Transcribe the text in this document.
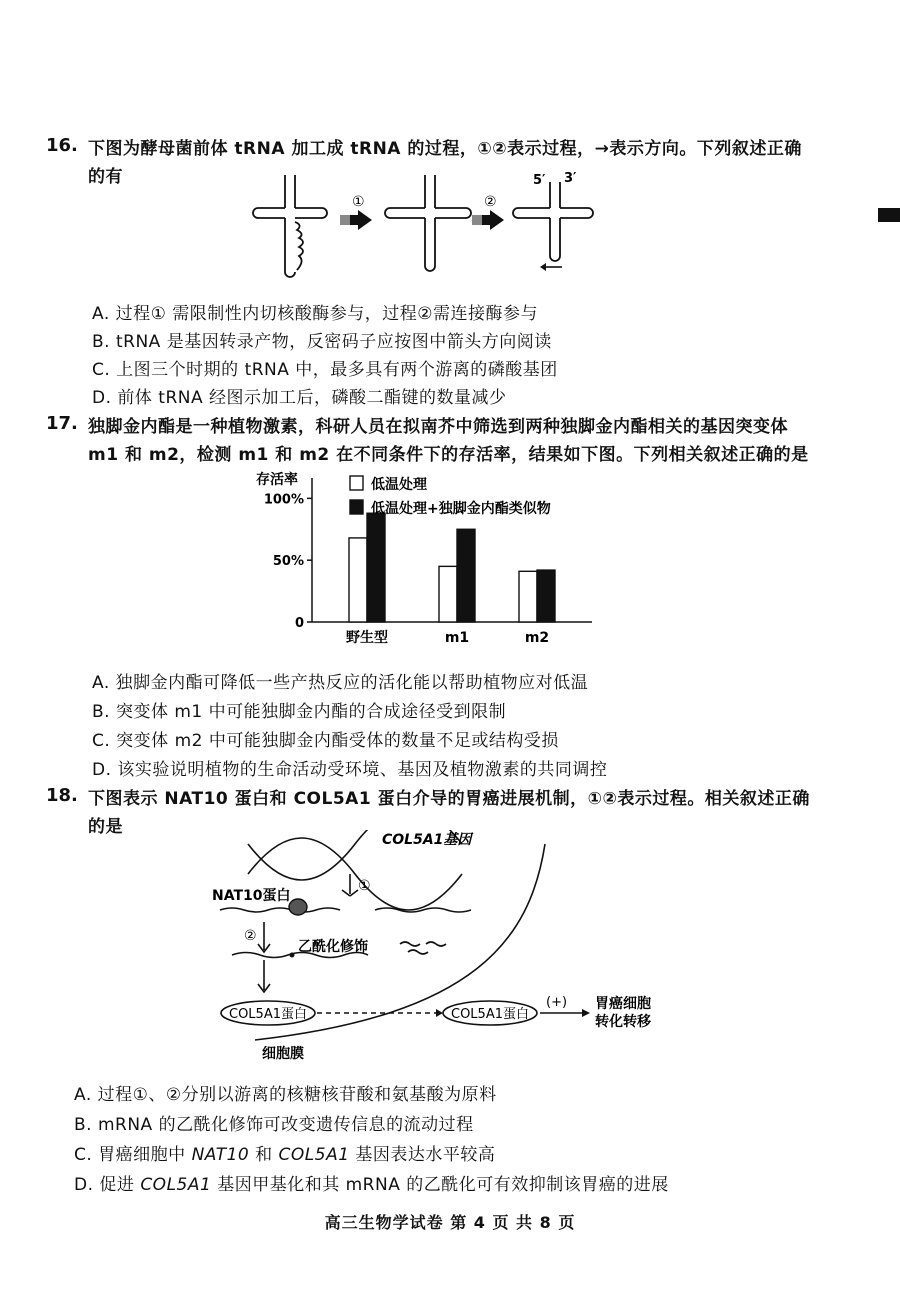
16. 下图为酵母菌前体 tRNA 加工成 tRNA 的过程，①②表示过程，→表示方向。下列叙述正确
的有
①	②
5′ 3′
A. 过程① 需限制性内切核酸酶参与，过程②需连接酶参与
B. tRNA 是基因转录产物，反密码子应按图中箭头方向阅读
C. 上图三个时期的 tRNA 中，最多具有两个游离的磷酸基团
D. 前体 tRNA 经图示加工后，磷酸二酯键的数量减少
17. 独脚金内酯是一种植物激素，科研人员在拟南芥中筛选到两种独脚金内酯相关的基因突变体
m1 和 m2，检测 m1 和 m2 在不同条件下的存活率，结果如下图。下列相关叙述正确的是
存活率
100%
50%
0
野生型	m1	m2
低温处理
低温处理+独脚金内酯类似物
A. 独脚金内酯可降低一些产热反应的活化能以帮助植物应对低温
B. 突变体 m1 中可能独脚金内酯的合成途径受到限制
C. 突变体 m2 中可能独脚金内酯受体的数量不足或结构受损
D. 该实验说明植物的生命活动受环境、基因及植物激素的共同调控
18. 下图表示 NAT10 蛋白和 COL5A1 蛋白介导的胃癌进展机制，①②表示过程。相关叙述正确
的是
COL5A1基因
NAT10蛋白
①
②
乙酰化修饰
COL5A1蛋白	COL5A1蛋白
(+) 胃癌细胞
转化转移
细胞膜
A. 过程①、②分别以游离的核糖核苷酸和氨基酸为原料
B. mRNA 的乙酰化修饰可改变遗传信息的流动过程
C. 胃癌细胞中 NAT10 和 COL5A1 基因表达水平较高
D. 促进 COL5A1 基因甲基化和其 mRNA 的乙酰化可有效抑制该胃癌的进展
高三生物学试卷 第 4 页 共 8 页
